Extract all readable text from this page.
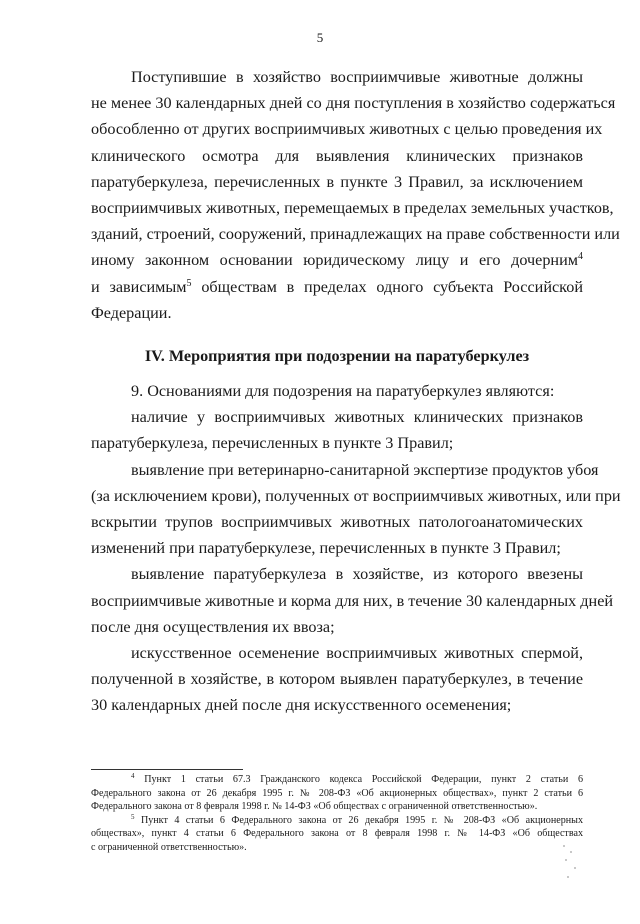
5
Поступившие в хозяйство восприимчивые животные должны
не менее 30 календарных дней со дня поступления в хозяйство содержаться
обособленно от других восприимчивых животных с целью проведения их
клинического осмотра для выявления клинических признаков
паратуберкулеза, перечисленных в пункте 3 Правил, за исключением
восприимчивых животных, перемещаемых в пределах земельных участков,
зданий, строений, сооружений, принадлежащих на праве собственности или
иному законном основании юридическому лицу и его дочерним$^4$
и зависимым$^5$ обществам в пределах одного субъекта Российской
Федерации.
IV. Мероприятия при подозрении на паратуберкулез
9. Основаниями для подозрения на паратуберкулез являются:
наличие у восприимчивых животных клинических признаков
паратуберкулеза, перечисленных в пункте 3 Правил;
выявление при ветеринарно-санитарной экспертизе продуктов убоя
(за исключением крови), полученных от восприимчивых животных, или при
вскрытии трупов восприимчивых животных патологоанатомических
изменений при паратуберкулезе, перечисленных в пункте 3 Правил;
выявление паратуберкулеза в хозяйстве, из которого ввезены
восприимчивые животные и корма для них, в течение 30 календарных дней
после дня осуществления их ввоза;
искусственное осеменение восприимчивых животных спермой,
полученной в хозяйстве, в котором выявлен паратуберкулез, в течение
30 календарных дней после дня искусственного осеменения;
$^4$ Пункт 1 статьи 67.3 Гражданского кодекса Российской Федерации, пункт 2 статьи 6
Федерального закона от 26 декабря 1995 г. № 208-ФЗ «Об акционерных обществах», пункт 2 статьи 6
Федерального закона от 8 февраля 1998 г. № 14-ФЗ «Об обществах с ограниченной ответственностью».
$^5$ Пункт 4 статьи 6 Федерального закона от 26 декабря 1995 г. № 208-ФЗ «Об акционерных
обществах», пункт 4 статьи 6 Федерального закона от 8 февраля 1998 г. № 14-ФЗ «Об обществах
с ограниченной ответственностью».
